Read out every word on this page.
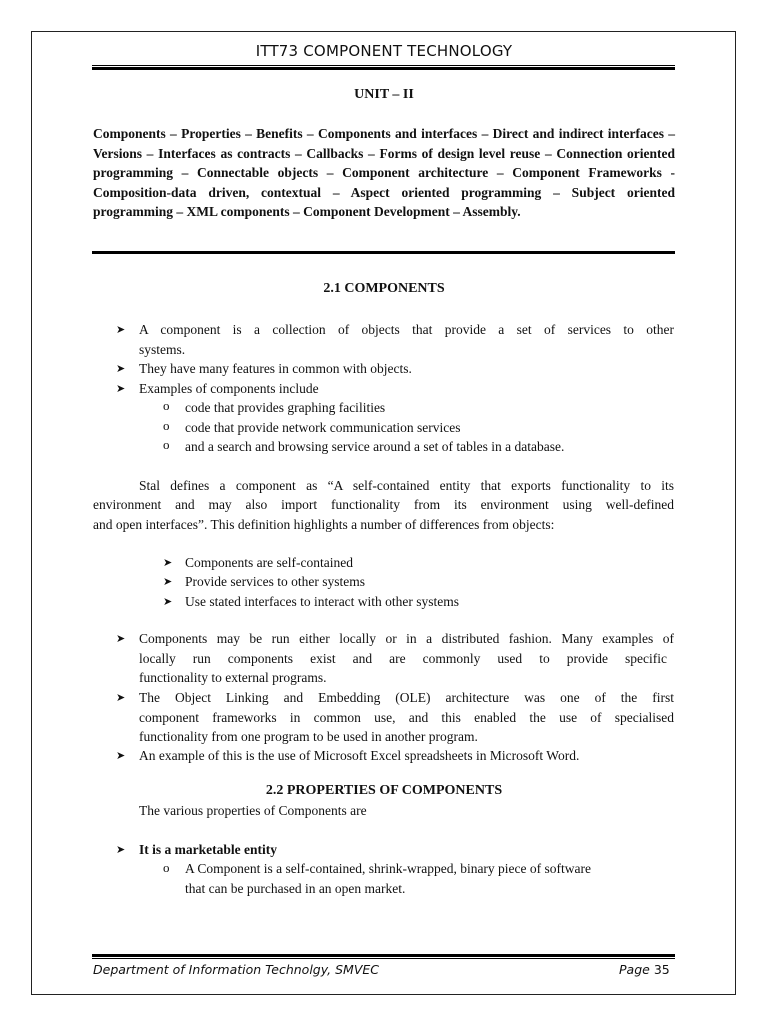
ITT73 COMPONENT TECHNOLOGY
UNIT – II
Components – Properties – Benefits – Components and interfaces – Direct and indirect interfaces – Versions – Interfaces as contracts – Callbacks – Forms of design level reuse – Connection oriented programming – Connectable objects – Component architecture – Component Frameworks - Composition-data driven, contextual – Aspect oriented programming – Subject oriented programming – XML components – Component Development – Assembly.
2.1 COMPONENTS
➤ A component is a collection of objects that provide a set of services to other
systems.
➤ They have many features in common with objects.
➤ Examples of components include
o code that provides graphing facilities
o code that provide network communication services
o and a search and browsing service around a set of tables in a database.
Stal defines a component as “A self-contained entity that exports functionality to its
environment and may also import functionality from its environment using well-defined
and open interfaces”. This definition highlights a number of differences from objects:
➤ Components are self-contained
➤ Provide services to other systems
➤ Use stated interfaces to interact with other systems
➤ Components may be run either locally or in a distributed fashion. Many examples of
locally run components exist and are commonly used to provide specific
functionality to external programs.
➤ The Object Linking and Embedding (OLE) architecture was one of the first
component frameworks in common use, and this enabled the use of specialised
functionality from one program to be used in another program.
➤ An example of this is the use of Microsoft Excel spreadsheets in Microsoft Word.
2.2 PROPERTIES OF COMPONENTS
The various properties of Components are
➤ It is a marketable entity
o A Component is a self-contained, shrink-wrapped, binary piece of software
that can be purchased in an open market.
Department of Information Technolgy, SMVEC	Page 35
